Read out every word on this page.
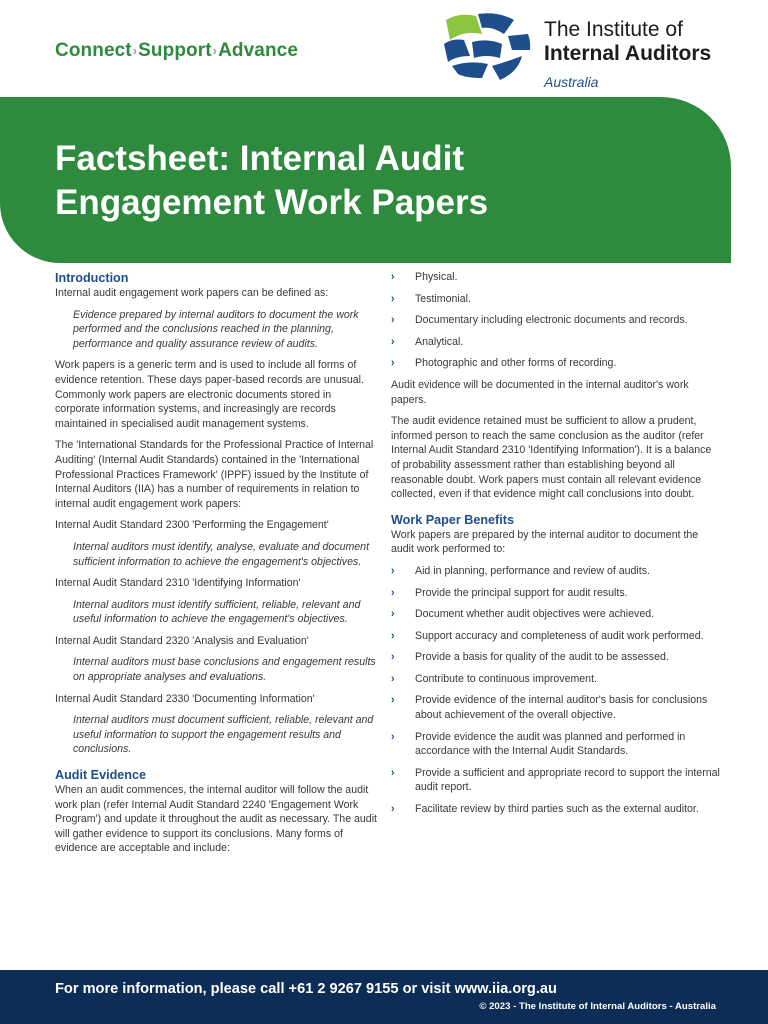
Connect›Support›Advance
The Institute of
Internal Auditors
Australia
Factsheet: Internal Audit
Engagement Work Papers
Introduction
Internal audit engagement work papers can be defined as:
Evidence prepared by internal auditors to document the work performed and the conclusions reached in the planning, performance and quality assurance review of audits.
Work papers is a generic term and is used to include all forms of evidence retention. These days paper-based records are unusual. Commonly work papers are electronic documents stored in corporate information systems, and increasingly are records maintained in specialised audit management systems.
The 'International Standards for the Professional Practice of Internal Auditing' (Internal Audit Standards) contained in the 'International Professional Practices Framework' (IPPF) issued by the Institute of Internal Auditors (IIA) has a number of requirements in relation to internal audit engagement work papers:
Internal Audit Standard 2300 'Performing the Engagement'
Internal auditors must identify, analyse, evaluate and document sufficient information to achieve the engagement's objectives.
Internal Audit Standard 2310 'Identifying Information'
Internal auditors must identify sufficient, reliable, relevant and useful information to achieve the engagement's objectives.
Internal Audit Standard 2320 'Analysis and Evaluation'
Internal auditors must base conclusions and engagement results on appropriate analyses and evaluations.
Internal Audit Standard 2330 'Documenting Information'
Internal auditors must document sufficient, reliable, relevant and useful information to support the engagement results and conclusions.
Audit Evidence
When an audit commences, the internal auditor will follow the audit work plan (refer Internal Audit Standard 2240 'Engagement Work Program') and update it throughout the audit as necessary. The audit will gather evidence to support its conclusions. Many forms of evidence are acceptable and include:
› Physical.
› Testimonial.
› Documentary including electronic documents and records.
› Analytical.
› Photographic and other forms of recording.
Audit evidence will be documented in the internal auditor's work papers.
The audit evidence retained must be sufficient to allow a prudent, informed person to reach the same conclusion as the auditor (refer Internal Audit Standard 2310 'Identifying Information'). It is a balance of probability assessment rather than establishing beyond all reasonable doubt. Work papers must contain all relevant evidence collected, even if that evidence might call conclusions into doubt.
Work Paper Benefits
Work papers are prepared by the internal auditor to document the audit work performed to:
› Aid in planning, performance and review of audits.
› Provide the principal support for audit results.
› Document whether audit objectives were achieved.
› Support accuracy and completeness of audit work performed.
› Provide a basis for quality of the audit to be assessed.
› Contribute to continuous improvement.
› Provide evidence of the internal auditor's basis for conclusions about achievement of the overall objective.
› Provide evidence the audit was planned and performed in accordance with the Internal Audit Standards.
› Provide a sufficient and appropriate record to support the internal audit report.
› Facilitate review by third parties such as the external auditor.
For more information, please call +61 2 9267 9155 or visit www.iia.org.au
© 2023 - The Institute of Internal Auditors - Australia
